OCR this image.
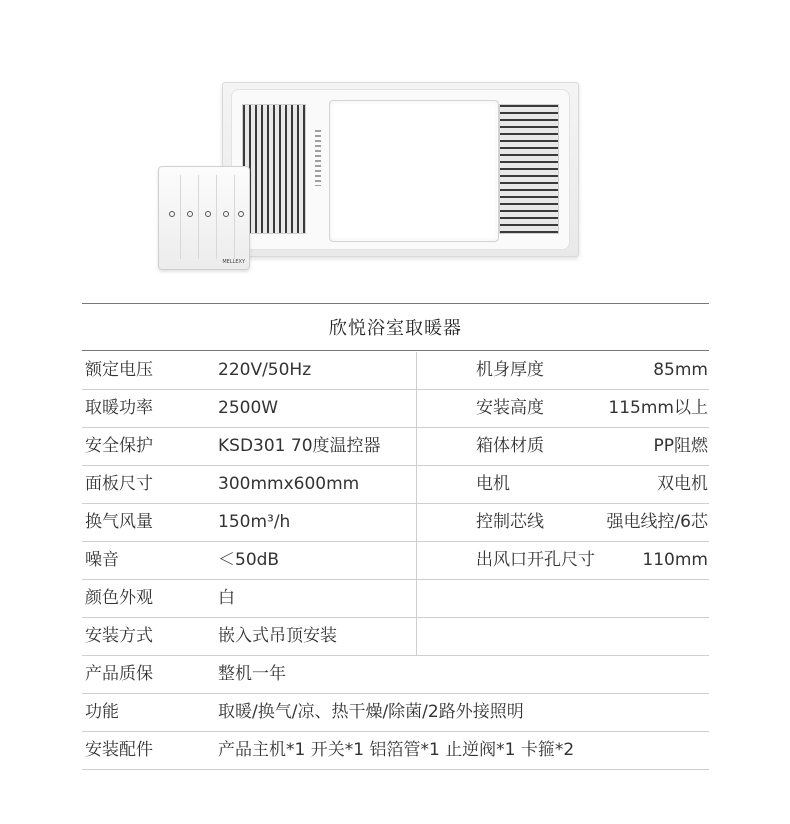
MELLEXY
欣悦浴室取暖器
额定电压	220V/50Hz	机身厚度	85mm
取暖功率	2500W	安装高度	115mm以上
安全保护	KSD301 70度温控器	箱体材质	PP阻燃
面板尺寸	300mmx600mm	电机	双电机
换气风量	150m³/h	控制芯线	强电线控/6芯
噪音	＜50dB	出风口开孔尺寸	110mm
颜色外观	白
安装方式	嵌入式吊顶安装
产品质保	整机一年
功能	取暖/换气/凉、热干燥/除菌/2路外接照明
安装配件	产品主机*1 开关*1 铝箔管*1 止逆阀*1 卡箍*2
